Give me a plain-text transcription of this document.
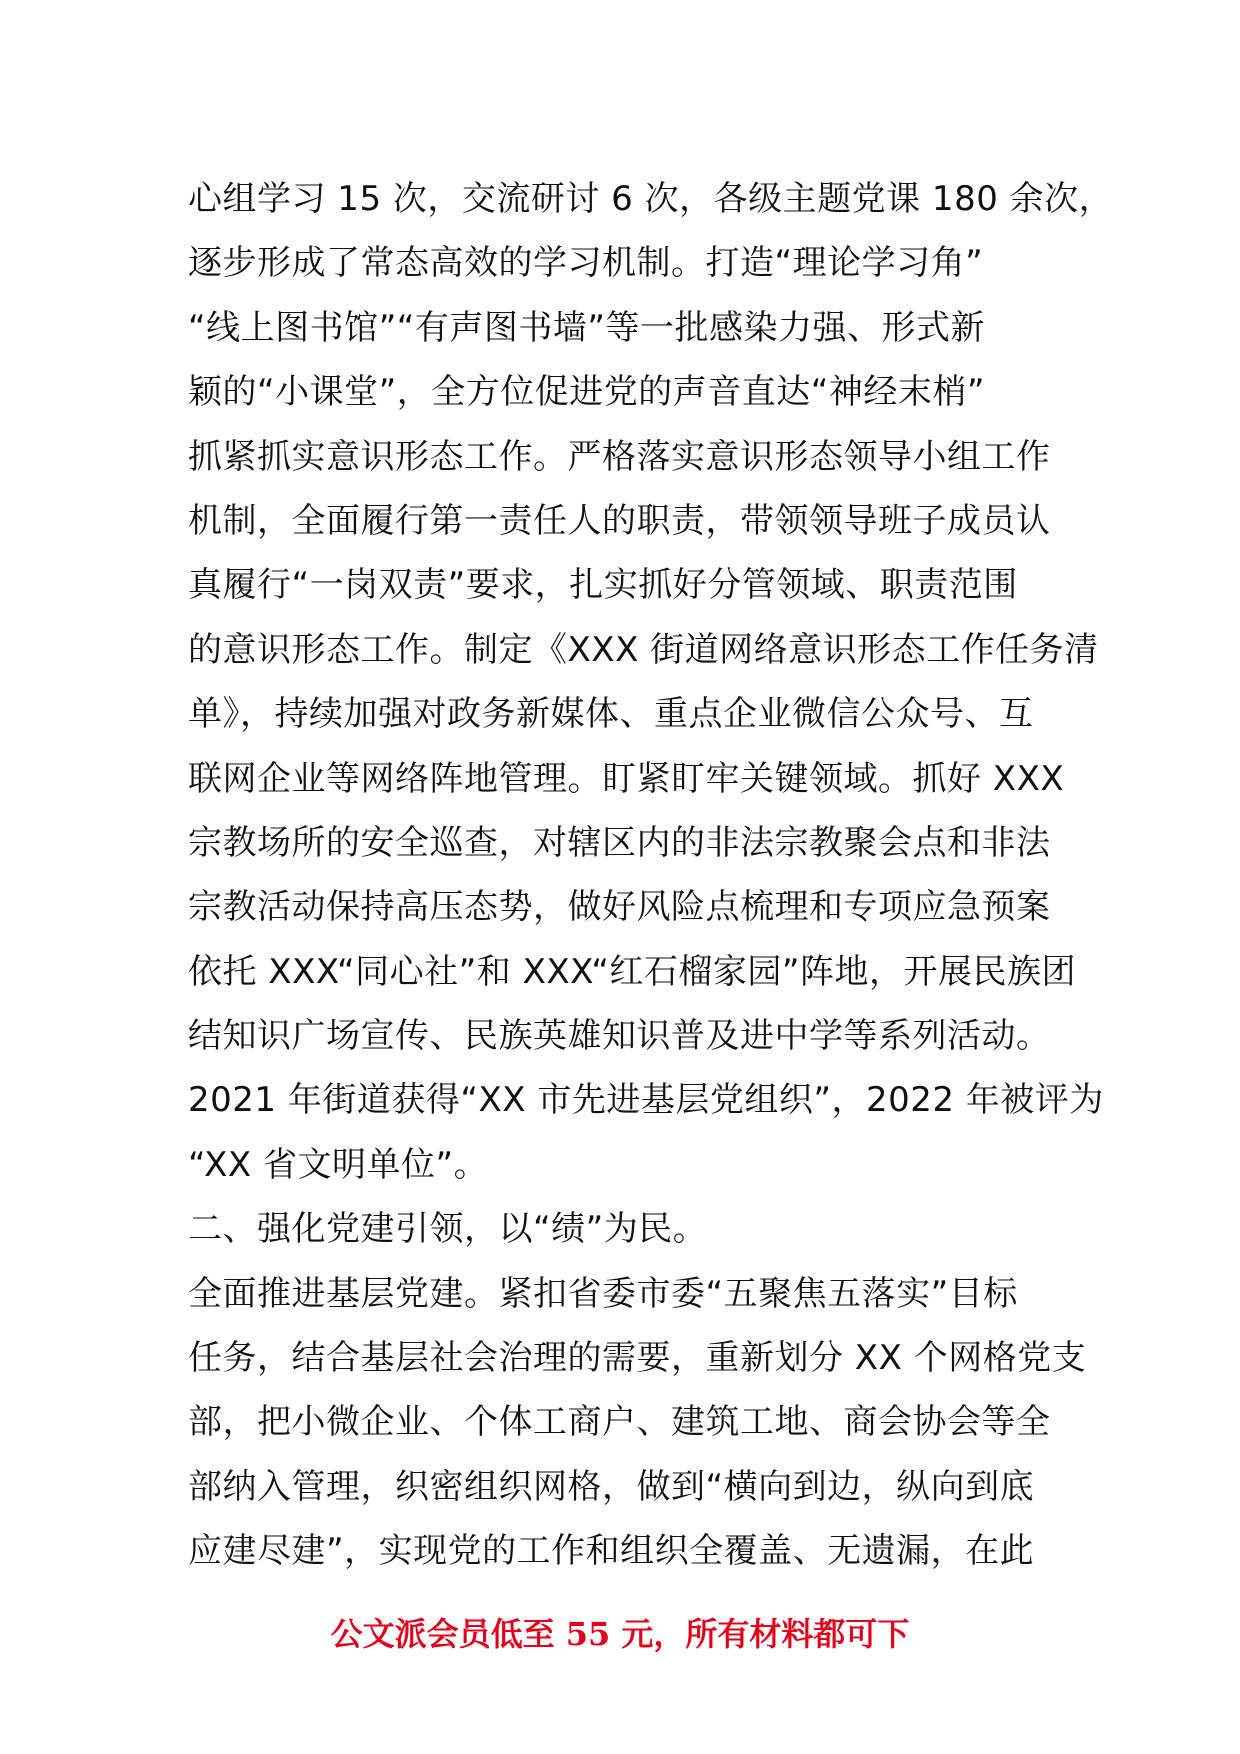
心组学习 15 次，交流研讨 6 次，各级主题党课 180 余次，
逐步形成了常态高效的学习机制。打造“理论学习角”
“线上图书馆”“有声图书墙”等一批感染力强、形式新
颖的“小课堂”，全方位促进党的声音直达“神经末梢”
抓紧抓实意识形态工作。严格落实意识形态领导小组工作
机制，全面履行第一责任人的职责，带领领导班子成员认
真履行“一岗双责”要求，扎实抓好分管领域、职责范围
的意识形态工作。制定《XXX 街道网络意识形态工作任务清
单》，持续加强对政务新媒体、重点企业微信公众号、互
联网企业等网络阵地管理。盯紧盯牢关键领域。抓好 XXX
宗教场所的安全巡查，对辖区内的非法宗教聚会点和非法
宗教活动保持高压态势，做好风险点梳理和专项应急预案
依托 XXX“同心社”和 XXX“红石榴家园”阵地，开展民族团
结知识广场宣传、民族英雄知识普及进中学等系列活动。
2021 年街道获得“XX 市先进基层党组织”，2022 年被评为
“XX 省文明单位”。
二、强化党建引领，以“绩”为民。
全面推进基层党建。紧扣省委市委“五聚焦五落实”目标
任务，结合基层社会治理的需要，重新划分 XX 个网格党支
部，把小微企业、个体工商户、建筑工地、商会协会等全
部纳入管理，织密组织网格，做到“横向到边，纵向到底
应建尽建”，实现党的工作和组织全覆盖、无遗漏，在此
公文派会员低至 55 元，所有材料都可下
